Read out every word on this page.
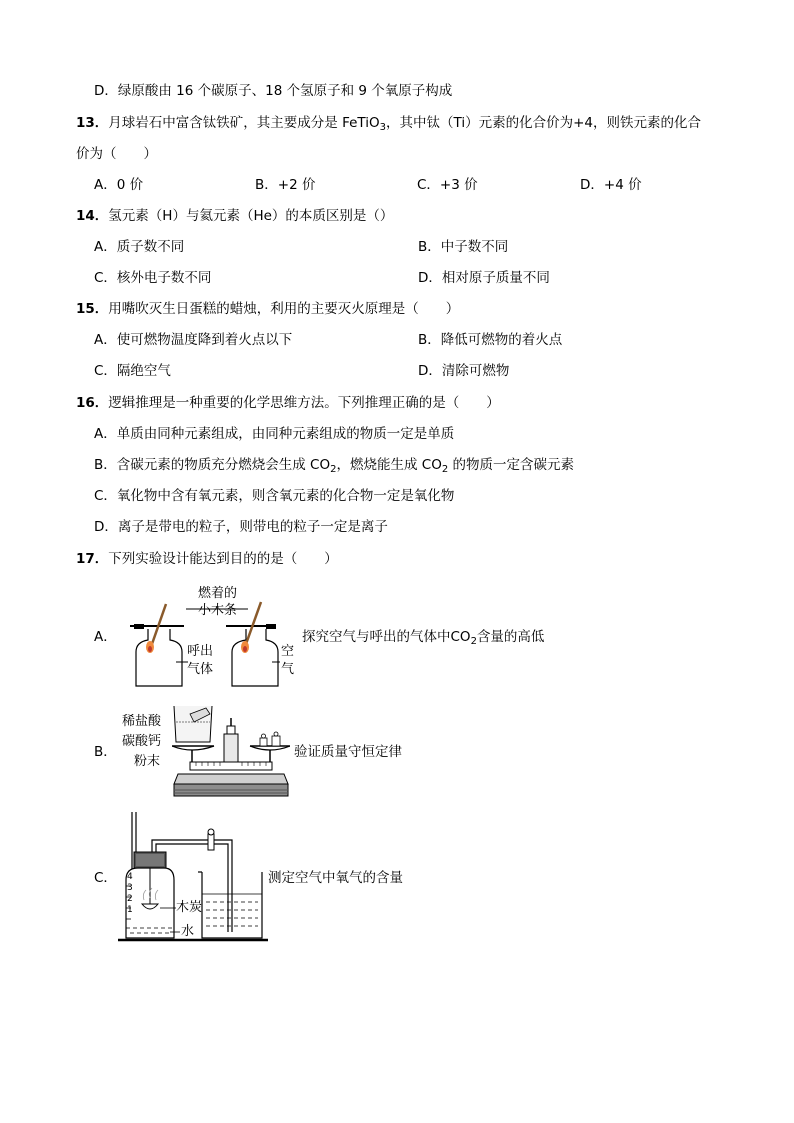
D．绿原酸由 16 个碳原子、18 个氢原子和 9 个氧原子构成
13．月球岩石中富含钛铁矿，其主要成分是 FeTiO$_3$，其中钛（Ti）元素的化合价为+4，则铁元素的化合
价为（　　）
A．0 价	B．+2 价	C．+3 价	D．+4 价
14．氢元素（H）与氦元素（He）的本质区别是（）
A．质子数不同	B．中子数不同
C．核外电子数不同	D．相对原子质量不同
15．用嘴吹灭生日蛋糕的蜡烛，利用的主要灭火原理是（　　）
A．使可燃物温度降到着火点以下	B．降低可燃物的着火点
C．隔绝空气	D．清除可燃物
16．逻辑推理是一种重要的化学思维方法。下列推理正确的是（　　）
A．单质由同种元素组成，由同种元素组成的物质一定是单质
B．含碳元素的物质充分燃烧会生成 $CO_2$，燃烧能生成 $CO_2$ 的物质一定含碳元素
C．氧化物中含有氧元素，则含氧元素的化合物一定是氧化物
D．离子是带电的粒子，则带电的粒子一定是离子
17．下列实验设计能达到目的的是（　　）
A．
燃着的
小木条
呼出
气体
空
气
探究空气与呼出的气体中$CO_2$含量的高低
B．
稀盐酸
碳酸钙
粉末
验证质量守恒定律
C． 4
3
2
1	木炭
水
测定空气中氧气的含量
